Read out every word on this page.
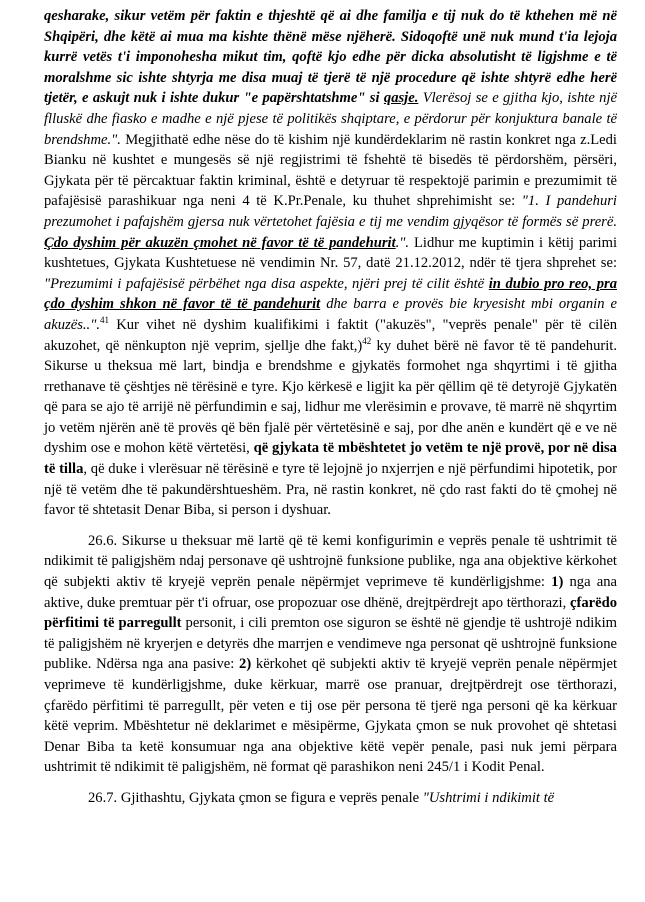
qesharake, sikur vetëm për faktin e thjeshtë që ai dhe familja e tij nuk do të kthehen më në Shqipëri, dhe këtë ai mua ma kishte thënë mëse njëherë. Sidoqoftë unë nuk mund t'ia lejoja kurrë vetës t'i imponohesha mikut tim, qoftë kjo edhe për dicka absolutisht të ligjshme e të moralshme sic ishte shtyrja me disa muaj të tjerë të një procedure që ishte shtyrë edhe herë tjetër, e askujt nuk i ishte dukur "e papërshtatshme" si qasje. Vlerësoj se e gjitha kjo, ishte një flluskë dhe fiasko e madhe e një pjese të politikës shqiptare, e përdorur për konjuktura banale të brendshme.". Megjithatë edhe nëse do të kishim një kundërdeklarim në rastin konkret nga z.Ledi Bianku në kushtet e mungesës së një regjistrimi të fshehtë të bisedës të përdorshëm, përsëri, Gjykata për të përcaktuar faktin kriminal, është e detyruar të respektojë parimin e prezumimit të pafajësisë parashikuar nga neni 4 të K.Pr.Penale, ku thuhet shprehimisht se: "1. I pandehuri prezumohet i pafajshëm gjersa nuk vërtetohet fajësia e tij me vendim gjyqësor të formës së prerë. Çdo dyshim për akuzën çmohet në favor të të pandehurit.". Lidhur me kuptimin i këtij parimi kushtetues, Gjykata Kushtetuese në vendimin Nr. 57, datë 21.12.2012, ndër të tjera shprehet se: "Prezumimi i pafajësisë përbëhet nga disa aspekte, njëri prej të cilit është in dubio pro reo, pra çdo dyshim shkon në favor të të pandehurit dhe barra e provës bie kryesisht mbi organin e akuzës..".$^{41}$ Kur vihet në dyshim kualifikimi i faktit ("akuzës", "veprës penale" për të cilën akuzohet, që nënkupton një veprim, sjellje dhe fakt,)$^{42}$ ky duhet bërë në favor të të pandehurit. Sikurse u theksua më lart, bindja e brendshme e gjykatës formohet nga shqyrtimi i të gjitha rrethanave të çështjes në tërësinë e tyre. Kjo kërkesë e ligjit ka për qëllim që të detyrojë Gjykatën që para se ajo të arrijë në përfundimin e saj, lidhur me vlerësimin e provave, të marrë në shqyrtim jo vetëm njërën anë të provës që bën fjalë për vërtetësinë e saj, por dhe anën e kundërt që e ve në dyshim ose e mohon këtë vërtetësi, që gjykata të mbështetet jo vetëm te një provë, por në disa të tilla, që duke i vlerësuar në tërësinë e tyre të lejojnë jo nxjerrjen e një përfundimi hipotetik, por një të vetëm dhe të pakundërshtueshëm. Pra, në rastin konkret, në çdo rast fakti do të çmohej në favor të shtetasit Denar Biba, si person i dyshuar.

26.6. Sikurse u theksuar më lartë që të kemi konfigurimin e veprës penale të ushtrimit të ndikimit të paligjshëm ndaj personave që ushtrojnë funksione publike, nga ana objektive kërkohet që subjekti aktiv të kryejë veprën penale nëpërmjet veprimeve të kundërligjshme: 1) nga ana aktive, duke premtuar për t'i ofruar, ose propozuar ose dhënë, drejtpërdrejt apo tërthorazi, çfarëdo përfitimi të parregullt personit, i cili premton ose siguron se është në gjendje të ushtrojë ndikim të paligjshëm në kryerjen e detyrës dhe marrjen e vendimeve nga personat që ushtrojnë funksione publike. Ndërsa nga ana pasive: 2) kërkohet që subjekti aktiv të kryejë veprën penale nëpërmjet veprimeve të kundërligjshme, duke kërkuar, marrë ose pranuar, drejtpërdrejt ose tërthorazi, çfarëdo përfitimi të parregullt, për veten e tij ose për persona të tjerë nga personi që ka kërkuar këtë veprim. Mbështetur në deklarimet e mësipërme, Gjykata çmon se nuk provohet që shtetasi Denar Biba ta ketë konsumuar nga ana objektive këtë vepër penale, pasi nuk jemi përpara ushtrimit të ndikimit të paligjshëm, në format që parashikon neni 245/1 i Kodit Penal.

26.7. Gjithashtu, Gjykata çmon se figura e veprës penale "Ushtrimi i ndikimit të
